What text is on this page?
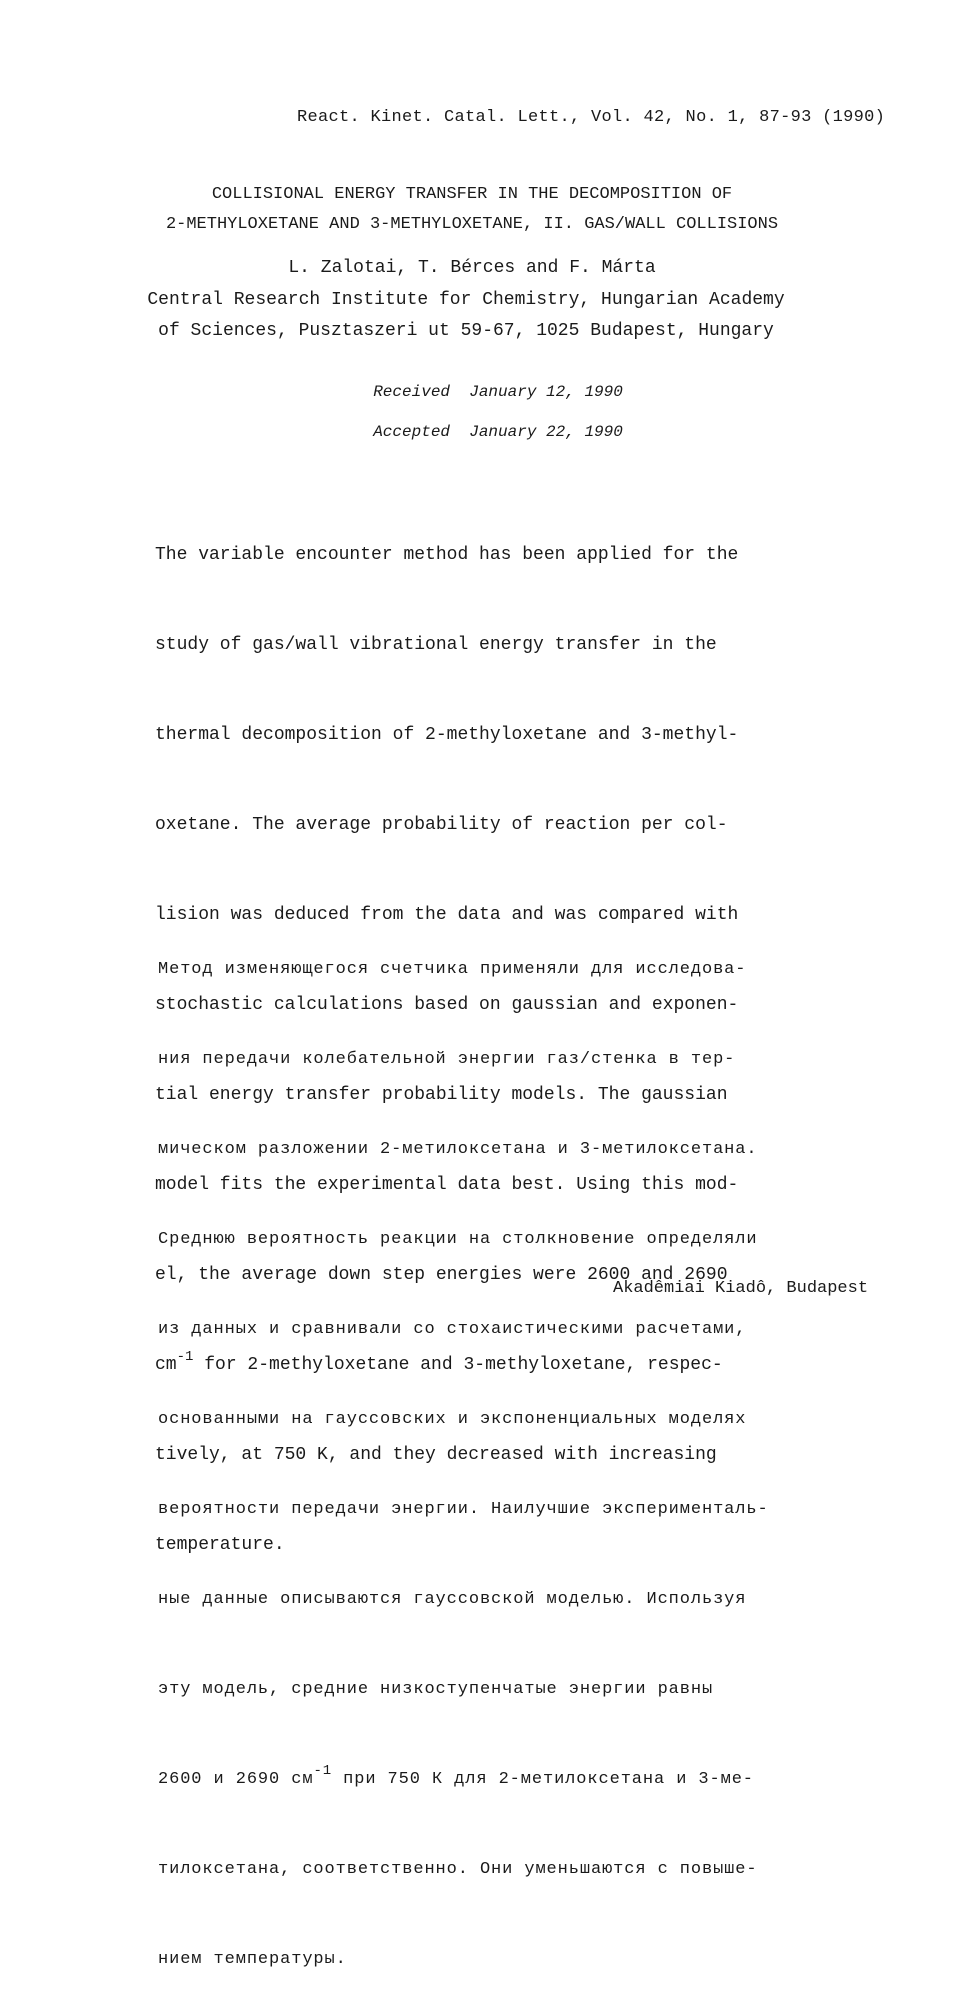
React. Kinet. Catal. Lett., Vol. 42, No. 1, 87-93 (1990)
COLLISIONAL ENERGY TRANSFER IN THE DECOMPOSITION OF
2-METHYLOXETANE AND 3-METHYLOXETANE, II. GAS/WALL COLLISIONS
L. Zalotai, T. Bérces and F. Márta
Central Research Institute for Chemistry, Hungarian Academy
of Sciences, Pusztaszeri ut 59-67, 1025 Budapest, Hungary

Received  January 12, 1990

Accepted  January 22, 1990

The variable encounter method has been applied for the

study of gas/wall vibrational energy transfer in the

thermal decomposition of 2-methyloxetane and 3-methyl-

oxetane. The average probability of reaction per col-

lision was deduced from the data and was compared with

stochastic calculations based on gaussian and exponen-

tial energy transfer probability models. The gaussian

model fits the experimental data best. Using this mod-

el, the average down step energies were 2600 and 2690

$cm^{-1}$ for 2-methyloxetane and 3-methyloxetane, respec-

tively, at 750 K, and they decreased with increasing

temperature.

Метод изменяющегося счетчика применяли для исследова-

ния передачи колебательной энергии газ/стенка в тер-

мическом разложении 2-метилоксетана и 3-метилоксетана.

Среднюю вероятность реакции на столкновение определяли

из данных и сравнивали со стохаистическими расчетами,

основанными на гауссовских и экспоненциальных моделях

вероятности передачи энергии. Наилучшие эксперименталь-

ные данные описываются гауссовской моделью. Используя

эту модель, средние низкоступенчатые энергии равны

2600 и 2690 $см^{-1}$ при 750 К для 2-метилоксетана и 3-ме-

тилоксетана, соответственно. Они уменьшаются с повыше-

нием температуры.

Akadêmiai Kiadô, Budapest
